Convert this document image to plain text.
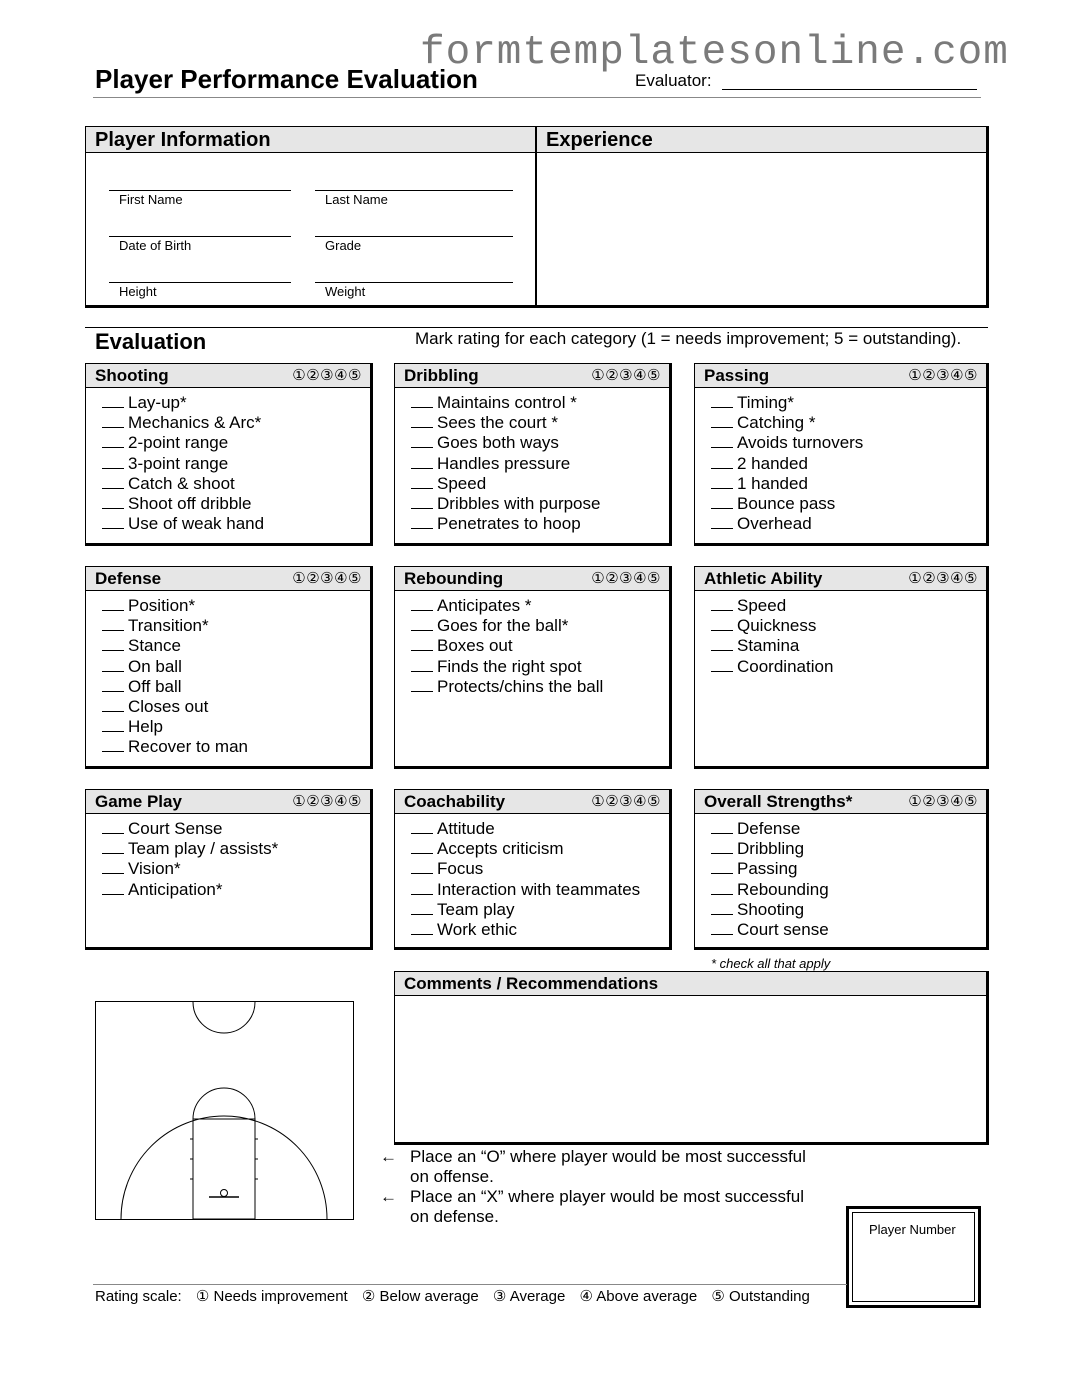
formtemplatesonline.com
Player Performance Evaluation	Evaluator:
Player Information
First Name	Last Name
Date of Birth	Grade
Height	Weight
Experience
Evaluation	Mark rating for each category (1 = needs improvement; 5 = outstanding).
Shooting	①②③④⑤
Lay-up*
Mechanics & Arc*
2-point range
3-point range
Catch & shoot
Shoot off dribble
Use of weak hand
Dribbling	①②③④⑤
Maintains control *
Sees the court *
Goes both ways
Handles pressure
Speed
Dribbles with purpose
Penetrates to hoop
Passing	①②③④⑤
Timing*
Catching *
Avoids turnovers
2 handed
1 handed
Bounce pass
Overhead
Defense	①②③④⑤
Position*
Transition*
Stance
On ball
Off ball
Closes out
Help
Recover to man
Rebounding	①②③④⑤
Anticipates *
Goes for the ball*
Boxes out
Finds the right spot
Protects/chins the ball
Athletic Ability	①②③④⑤
Speed
Quickness
Stamina
Coordination
Game Play	①②③④⑤
Court Sense
Team play / assists*
Vision*
Anticipation*
Coachability	①②③④⑤
Attitude
Accepts criticism
Focus
Interaction with teammates
Team play
Work ethic
Overall Strengths*	①②③④⑤
Defense
Dribbling
Passing
Rebounding
Shooting
Court sense
* check all that apply
Comments / Recommendations
← Place an “O” where player would be most successful
on offense.
← Place an “X” where player would be most successful
on defense.
Player Number
Rating scale: ① Needs improvement ② Below average ③ Average ④ Above average ⑤ Outstanding
